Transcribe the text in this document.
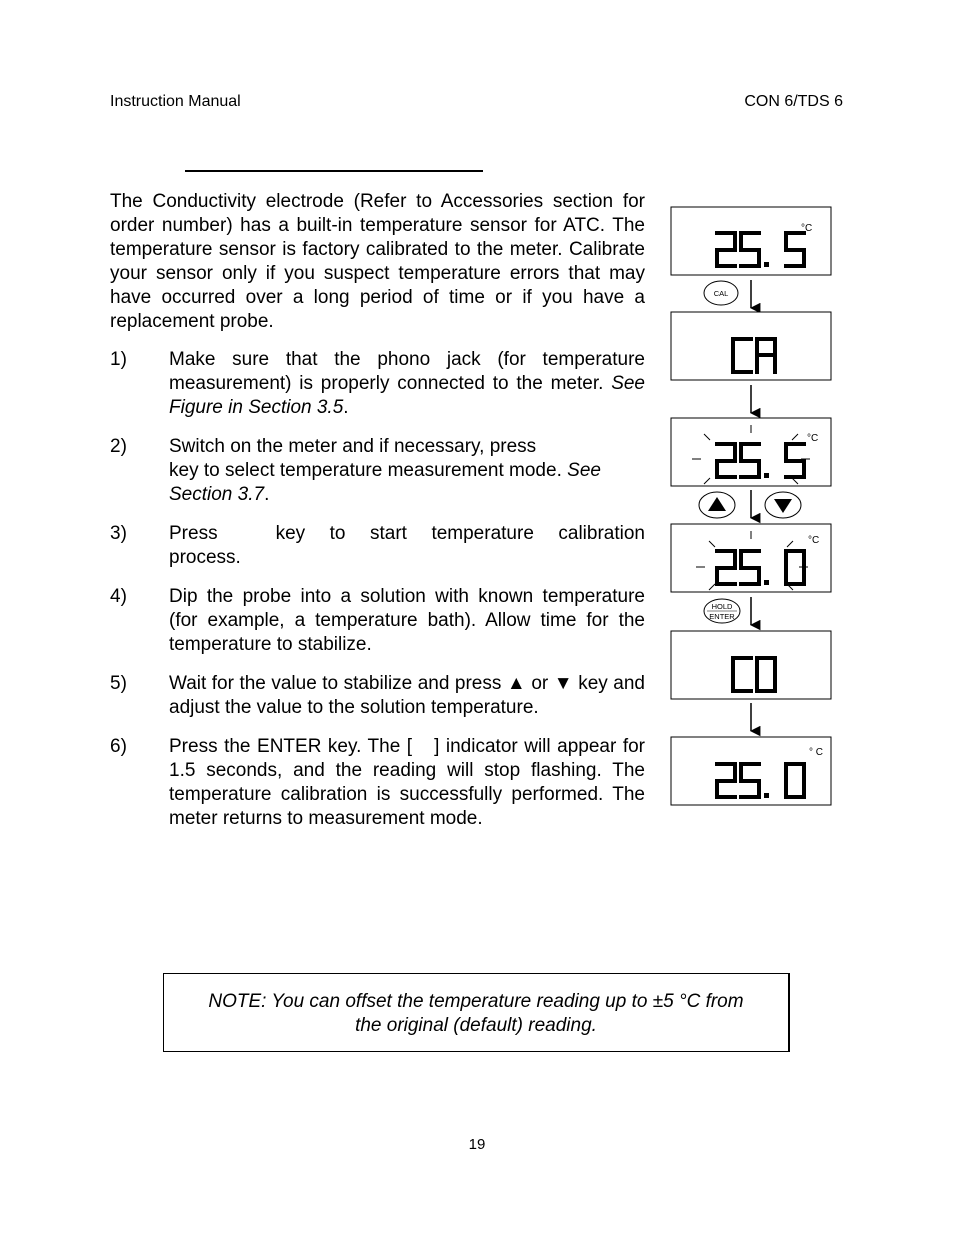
Instruction Manual	CON 6/TDS 6

The Conductivity electrode (Refer to Accessories section for order number) has a built-in temperature sensor for ATC. The temperature sensor is factory calibrated to the meter. Calibrate your sensor only if you suspect temperature errors that may have occurred over a long period of time or if you have a replacement probe.

1) Make sure that the phono jack (for temperature measurement) is properly connected to the meter. See Figure in Section 3.5.
2) Switch on the meter and if necessary, press
key to select temperature measurement mode. See Section 3.7.
3) Press	key to start temperature calibration process.
4) Dip the probe into a solution with known temperature (for example, a temperature bath). Allow time for the temperature to stabilize.
5) Wait for the value to stabilize and press ▲ or ▼ key and adjust the value to the solution temperature.
6) Press the ENTER key. The [ ] indicator will appear for 1.5 seconds, and the reading will stop flashing. The temperature calibration is successfully performed. The meter returns to measurement mode.
°C
CAL
°C
°C
HOLD
ENTER
° C
NOTE: You can offset the temperature reading up to ±5 °C from
the original (default) reading.
19
